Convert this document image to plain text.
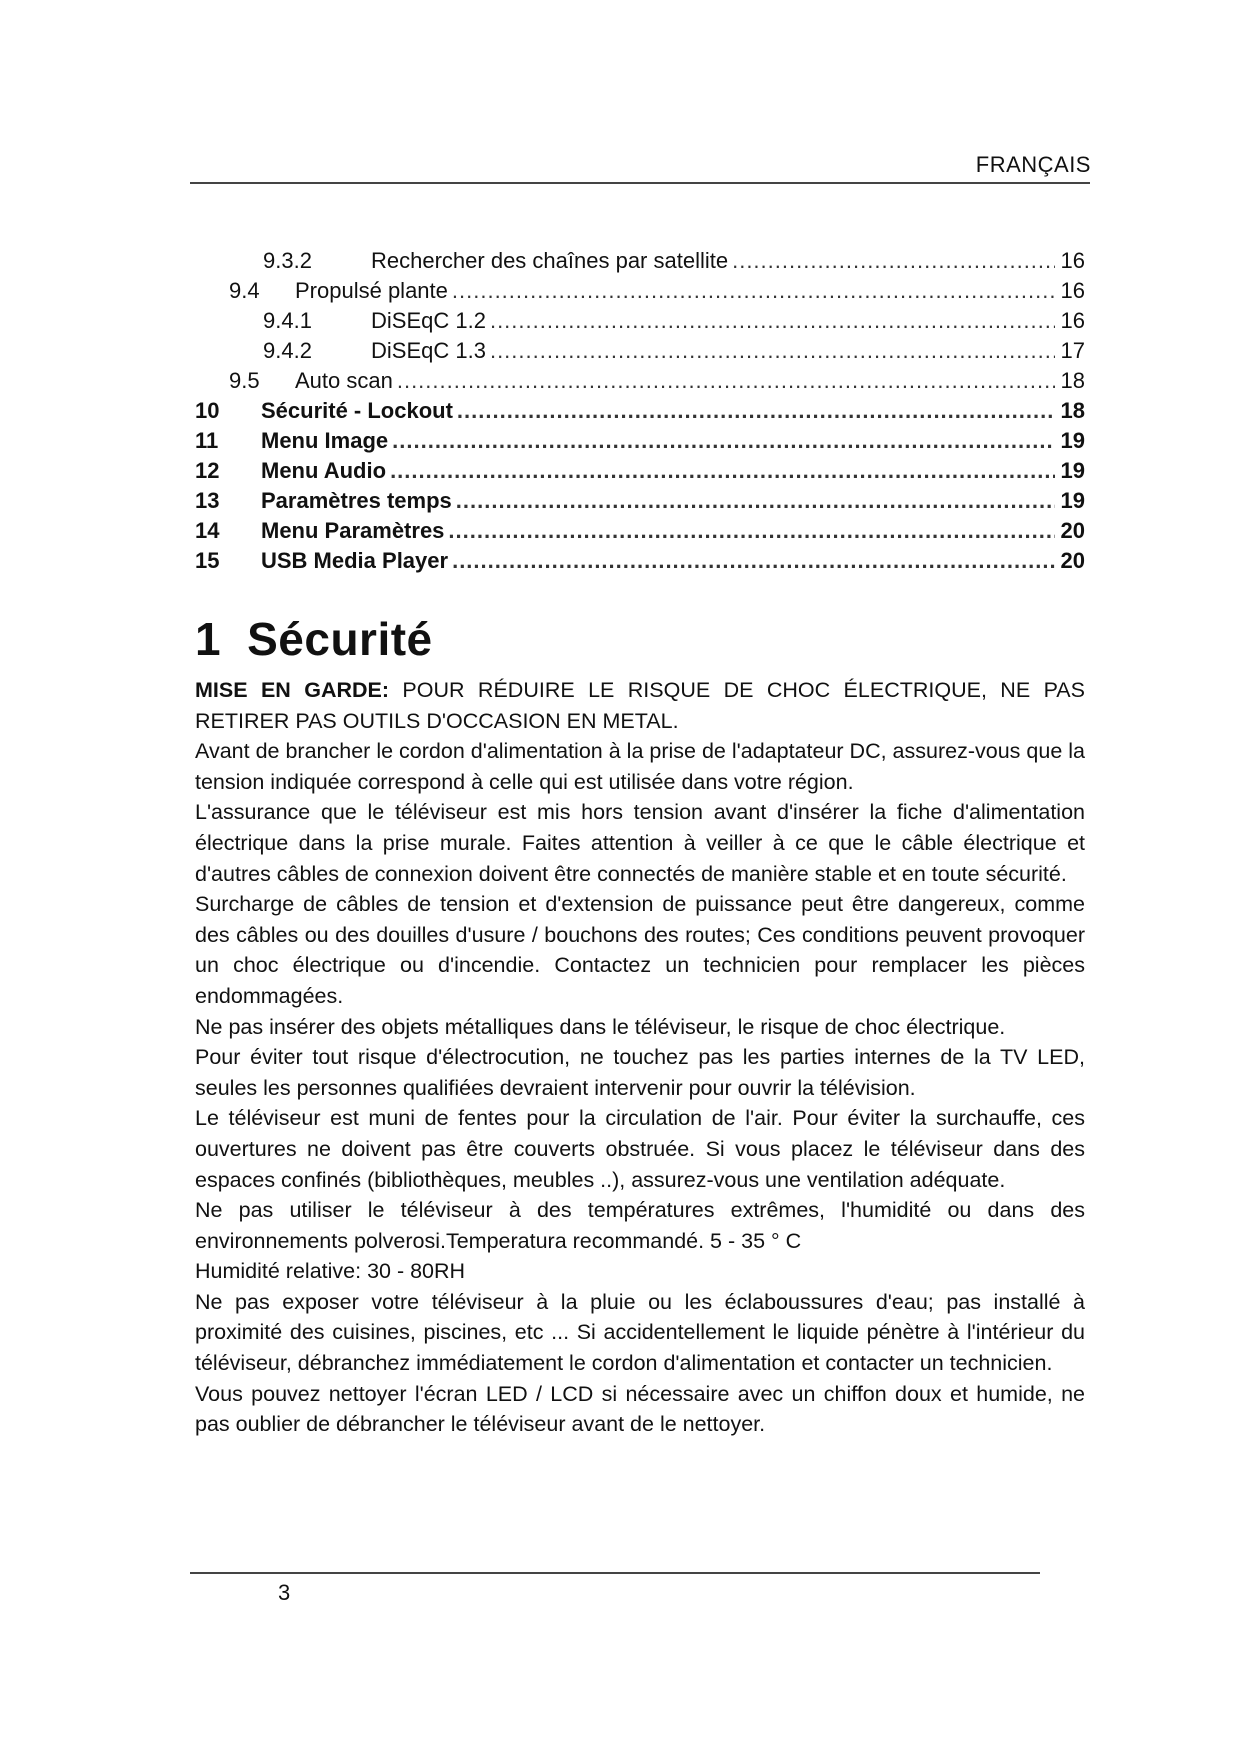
FRANÇAIS
9.3.2	Rechercher des chaînes par satellite .....	16
9.4	Propulsé plante .....	16
9.4.1	DiSEqC 1.2 .....	16
9.4.2	DiSEqC 1.3 .....	17
9.5	Auto scan .....	18
10	Sécurité - Lockout .....	18
11	Menu Image .....	19
12	Menu Audio .....	19
13	Paramètres temps .....	19
14	Menu Paramètres .....	20
15	USB Media Player .....	20
1 Sécurité

MISE EN GARDE: POUR RÉDUIRE LE RISQUE DE CHOC ÉLECTRIQUE, NE PAS RETIRER PAS OUTILS D'OCCASION EN METAL.

Avant de brancher le cordon d'alimentation à la prise de l'adaptateur DC, assurez-vous que la tension indiquée correspond à celle qui est utilisée dans votre région.

L'assurance que le téléviseur est mis hors tension avant d'insérer la fiche d'alimentation électrique dans la prise murale. Faites attention à veiller à ce que le câble électrique et d'autres câbles de connexion doivent être connectés de manière stable et en toute sécurité.

Surcharge de câbles de tension et d'extension de puissance peut être dangereux, comme des câbles ou des douilles d'usure / bouchons des routes; Ces conditions peuvent provoquer un choc électrique ou d'incendie. Contactez un technicien pour remplacer les pièces endommagées.

Ne pas insérer des objets métalliques dans le téléviseur, le risque de choc électrique.

Pour éviter tout risque d'électrocution, ne touchez pas les parties internes de la TV LED, seules les personnes qualifiées devraient intervenir pour ouvrir la télévision.

Le téléviseur est muni de fentes pour la circulation de l'air. Pour éviter la surchauffe, ces ouvertures ne doivent pas être couverts obstruée. Si vous placez le téléviseur dans des espaces confinés (bibliothèques, meubles ..), assurez-vous une ventilation adéquate.

Ne pas utiliser le téléviseur à des températures extrêmes, l'humidité ou dans des environnements polverosi.Temperatura recommandé. 5 - 35 ° C

Humidité relative: 30 - 80RH

Ne pas exposer votre téléviseur à la pluie ou les éclaboussures d'eau; pas installé à proximité des cuisines, piscines, etc ... Si accidentellement le liquide pénètre à l'intérieur du téléviseur, débranchez immédiatement le cordon d'alimentation et contacter un technicien.

Vous pouvez nettoyer l'écran LED / LCD si nécessaire avec un chiffon doux et humide, ne pas oublier de débrancher le téléviseur avant de le nettoyer.

3
